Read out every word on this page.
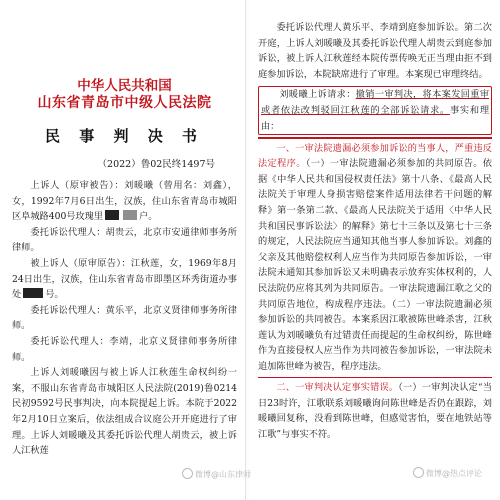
中华人民共和国
山东省青岛市中级人民法院
民 事 判 决 书
（2022）鲁02民终1497号

上诉人（原审被告）：刘暖曦（曾用名：刘鑫），女，1992年7月6日出生，汉族，住山东省青岛市城阳区阜城路400号玫瑰里	户。

委托诉讼代理人：胡贵云，北京市安通律师事务所律师。

被上诉人（原审原告）：江秋莲，女，1969年8月24日出生，汉族，住山东省青岛市即墨区环秀街道办事处	号。

委托诉讼代理人：黄乐平，北京义贤律师事务所律师。

委托诉讼代理人：李靖，北京义贤律师事务所律师。

上诉人刘暖曦因与被上诉人江秋莲生命权纠纷一案，不服山东省青岛市城阳区人民法院(2019)鲁0214民初9592号民事判决，向本院提起上诉。本院于2022年2月10日立案后，依法组成合议庭公开开庭进行了审理。上诉人刘暖曦及其委托诉讼代理人胡贵云，被上诉人江秋莲

委托诉讼代理人黄乐平、李靖到庭参加诉讼。第二次开庭，上诉人刘暖曦及其委托诉讼代理人胡贵云到庭参加诉讼，被上诉人江秋莲经本院传票传唤无正当理由拒不到庭参加诉讼，本院缺席进行了审理。本案现已审理终结。

刘暖曦上诉请求：撤销一审判决，将本案发回重审或者依法改判驳回江秋莲的全部诉讼请求。事实和理由：

一、一审法院遗漏必须参加诉讼的当事人，严重违反法定程序。（一）一审法院遗漏必须参加的共同原告。依据《中华人民共和国侵权责任法》第十八条、《最高人民法院关于审理人身损害赔偿案件适用法律若干问题的解释》第一条第二款、《最高人民法院关于适用〈中华人民共和国民事诉讼法〉的解释》第七十三条以及第七十三条的规定，人民法院应当通知其他当事人参加诉讼。刘鑫的父亲及其他赔偿权利人应当作为共同原告参加诉讼，一审法院未通知其参加诉讼又未明确表示放弃实体权利的，人民法院仍应将其列为共同原告。一审法院遗漏江歌之父的共同原告地位，构成程序违法。（二）一审法院遗漏必须参加诉讼的共同被告。本案系因江歌被陈世峰杀害，江秋莲认为刘暖曦负有过错责任而提起的生命权纠纷，陈世峰作为直接侵权人应当作为共同被告参加诉讼，一审法院未追加陈世峰为被告，程序违法。

二、一审判决认定事实错误。（一）一审判决认定“当日23时许，江歌联系刘暖曦询问陈世峰是否仍在跟踪，刘暖曦回复称，没看到陈世峰，但感觉害怕，要在地铁站等江歌”与事实不符。

微博@山东律师	微博@热点评论
